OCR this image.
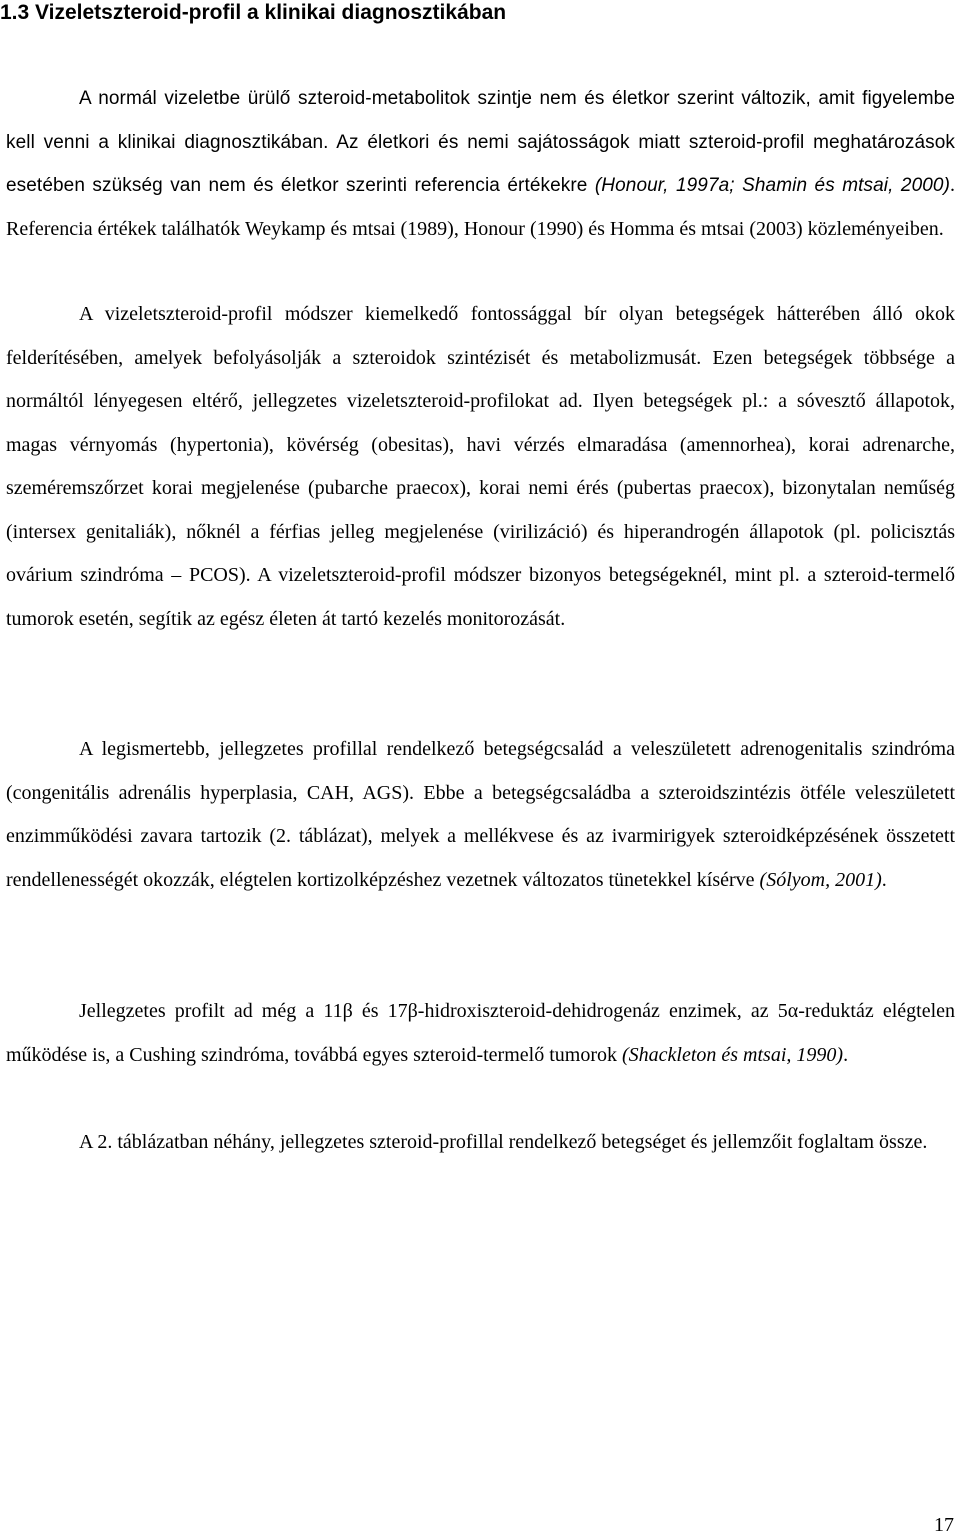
1.3 Vizeletszteroid-profil a klinikai diagnosztikában

A normál vizeletbe ürülő szteroid-metabolitok szintje nem és életkor szerint változik, amit figyelembe kell venni a klinikai diagnosztikában. Az életkori és nemi sajátosságok miatt szteroid-profil meghatározások esetében szükség van nem és életkor szerinti referencia értékekre (Honour, 1997a; Shamin és mtsai, 2000). Referencia értékek találhatók Weykamp és mtsai (1989), Honour (1990) és Homma és mtsai (2003) közleményeiben.

A vizeletszteroid-profil módszer kiemelkedő fontossággal bír olyan betegségek hátterében álló okok felderítésében, amelyek befolyásolják a szteroidok szintézisét és metabolizmusát. Ezen betegségek többsége a normáltól lényegesen eltérő, jellegzetes vizeletszteroid-profilokat ad. Ilyen betegségek pl.: a sóvesztő állapotok, magas vérnyomás (hypertonia), kövérség (obesitas), havi vérzés elmaradása (amennorhea), korai adrenarche, szeméremszőrzet korai megjelenése (pubarche praecox), korai nemi érés (pubertas praecox), bizonytalan neműség (intersex genitaliák), nőknél a férfias jelleg megjelenése (virilizáció) és hiperandrogén állapotok (pl. policisztás ovárium szindróma – PCOS). A vizeletszteroid-profil módszer bizonyos betegségeknél, mint pl. a szteroid-termelő tumorok esetén, segítik az egész életen át tartó kezelés monitorozását.

A legismertebb, jellegzetes profillal rendelkező betegségcsalád a veleszületett adrenogenitalis szindróma (congenitális adrenális hyperplasia, CAH, AGS). Ebbe a betegségcsaládba a szteroidszintézis ötféle veleszületett enzimműködési zavara tartozik (2. táblázat), melyek a mellékvese és az ivarmirigyek szteroidképzésének összetett rendellenességét okozzák, elégtelen kortizolképzéshez vezetnek változatos tünetekkel kísérve (Sólyom, 2001).

Jellegzetes profilt ad még a 11β és 17β-hidroxiszteroid-dehidrogenáz enzimek, az 5α-reduktáz elégtelen működése is, a Cushing szindróma, továbbá egyes szteroid-termelő tumorok (Shackleton és mtsai, 1990).

A 2. táblázatban néhány, jellegzetes szteroid-profillal rendelkező betegséget és jellemzőit foglaltam össze.

17
